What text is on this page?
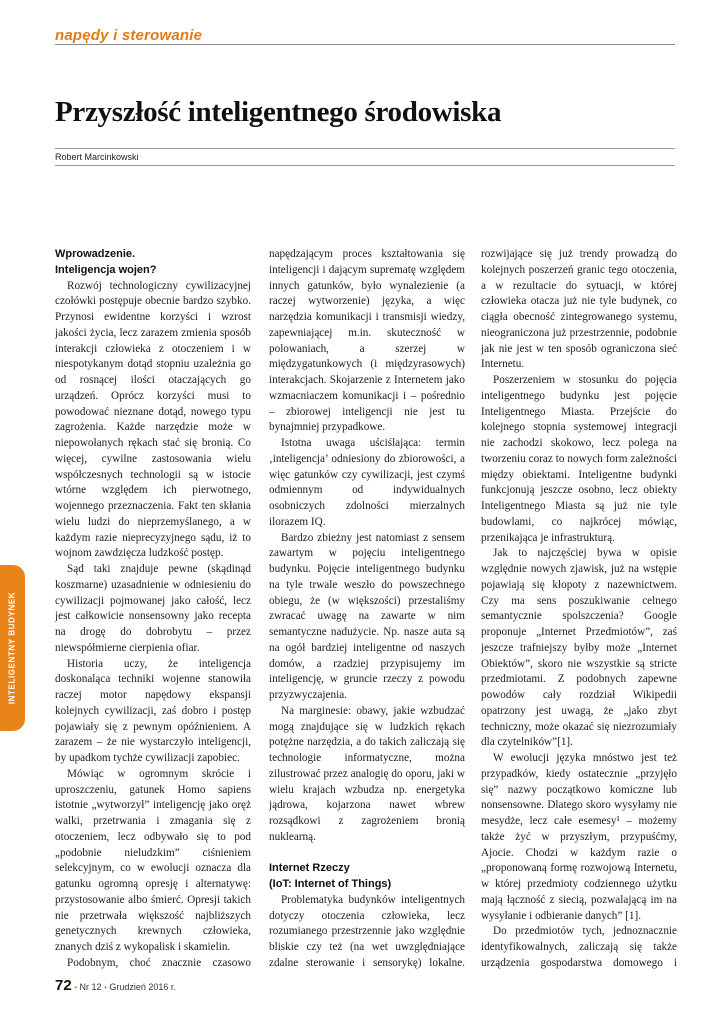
napędy i sterowanie
Przyszłość inteligentnego środowiska
Robert Marcinkowski
INTELIGENTNY BUDYNEK
Wprowadzenie.
Inteligencja wojen?

Rozwój technologiczny cywilizacyjnej czołówki postępuje obecnie bardzo szybko. Przynosi ewidentne korzyści i wzrost jakości życia, lecz zarazem zmienia sposób interakcji człowieka z otoczeniem i w niespotykanym dotąd stopniu uzależnia go od rosnącej ilości otaczających go urządzeń. Oprócz korzyści musi to powodować nieznane dotąd, nowego typu zagrożenia. Każde narzędzie może w niepowołanych rękach stać się bronią. Co więcej, cywilne zastosowania wielu współczesnych technologii są w istocie wtórne względem ich pierwotnego, wojennego przeznaczenia. Fakt ten skłania wielu ludzi do nieprzemyślanego, a w każdym razie nieprecyzyjnego sądu, iż to wojnom zawdzięcza ludzkość postęp.

Sąd taki znajduje pewne (skądinąd koszmarne) uzasadnienie w odniesieniu do cywilizacji pojmowanej jako całość, lecz jest całkowicie nonsensowny jako recepta na drogę do dobrobytu – przez niewspółmierne cierpienia ofiar.

Historia uczy, że inteligencja doskonaląca techniki wojenne stanowiła raczej motor napędowy ekspansji kolejnych cywilizacji, zaś dobro i postęp pojawiały się z pewnym opóźnieniem. A zarazem – że nie wystarczyło inteligencji, by upadkom tychże cywilizacji zapobiec.

Mówiąc w ogromnym skrócie i uproszczeniu, gatunek Homo sapiens istotnie „wytworzył” inteligencję jako oręż walki, przetrwania i zmagania się z otoczeniem, lecz odbywało się to pod „podobnie nieludzkim” ciśnieniem selekcyjnym, co w ewolucji oznacza dla gatunku ogromną opresję i alternatywę: przystosowanie albo śmierć. Opresji takich nie przetrwała większość najbliższych genetycznych krewnych człowieka, znanych dziś z wykopalisk i skamielin.

Podobnym, choć znacznie czasowo

napędzającym proces kształtowania się inteligencji i dającym suprematę względem innych gatunków, było wynalezienie (a raczej wytworzenie) języka, a więc narzędzia komunikacji i transmisji wiedzy, zapewniającej m.in. skuteczność w polowaniach, a szerzej w międzygatunkowych (i międzyrasowych) interakcjach. Skojarzenie z Internetem jako wzmacniaczem komunikacji i – pośrednio – zbiorowej inteligencji nie jest tu bynajmniej przypadkowe.

Istotna uwaga uściślająca: termin ‚inteligencja’ odniesiony do zbiorowości, a więc gatunków czy cywilizacji, jest czymś odmiennym od indywidualnych osobniczych zdolności mierzalnych ilorazem IQ.

Bardzo zbieżny jest natomiast z sensem zawartym w pojęciu inteligentnego budynku. Pojęcie inteligentnego budynku na tyle trwale weszło do powszechnego obiegu, że (w większości) przestaliśmy zwracać uwagę na zawarte w nim semantyczne nadużycie. Np. nasze auta są na ogół bardziej inteligentne od naszych domów, a rzadziej przypisujemy im inteligencję, w gruncie rzeczy z powodu przyzwyczajenia.

Na marginesie: obawy, jakie wzbudzać mogą znajdujące się w ludzkich rękach potężne narzędzia, a do takich zaliczają się technologie informatyczne, można zilustrować przez analogię do oporu, jaki w wielu krajach wzbudza np. energetyka jądrowa, kojarzona nawet wbrew rozsądkowi z zagrożeniem bronią nuklearną.

Internet Rzeczy
(IoT: Internet of Things)

Problematyka budynków inteligentnych dotyczy otoczenia człowieka, lecz rozumianego przestrzennie jako względnie bliskie czy też (na wet uwzględniające zdalne sterowanie i sensorykę) lokalne.

rozwijające się już trendy prowadzą do kolejnych poszerzeń granic tego otoczenia, a w rezultacie do sytuacji, w której człowieka otacza już nie tyle budynek, co ciągła obecność zintegrowanego systemu, nieograniczona już przestrzennie, podobnie jak nie jest w ten sposób ograniczona sieć Internetu.

Poszerzeniem w stosunku do pojęcia inteligentnego budynku jest pojęcie Inteligentnego Miasta. Przejście do kolejnego stopnia systemowej integracji nie zachodzi skokowo, lecz polega na tworzeniu coraz to nowych form zależności między obiektami. Inteligentne budynki funkcjonują jeszcze osobno, lecz obiekty Inteligentnego Miasta są już nie tyle budowlami, co najkrócej mówiąc, przenikająca je infrastrukturą.

Jak to najczęściej bywa w opisie względnie nowych zjawisk, już na wstępie pojawiają się kłopoty z nazewnictwem. Czy ma sens poszukiwanie celnego semantycznie spolszczenia? Google proponuje „Internet Przedmiotów”, zaś jeszcze trafniejszy byłby może „Internet Obiektów”, skoro nie wszystkie są stricte przedmiotami. Z podobnych zapewne powodów cały rozdział Wikipedii opatrzony jest uwagą, że „jako zbyt techniczny, może okazać się niezrozumiały dla czytelników”[1].

W ewolucji języka mnóstwo jest też przypadków, kiedy ostatecznie „przyjęło się” nazwy początkowo komiczne lub nonsensowne. Dlatego skoro wysyłamy nie mesydże, lecz całe esemesy¹ – możemy także żyć w przyszłym, przypuśćmy, Ajocie. Chodzi w każdym razie o „proponowaną formę rozwojową Internetu, w której przedmioty codziennego użytku mają łączność z siecią, pozwalającą im na wysyłanie i odbieranie danych” [1].

Do przedmiotów tych, jednoznacznie identyfikowalnych, zaliczają się także urządzenia gospodarstwa domowego i

72 • Nr 12 • Grudzień 2016 r.
